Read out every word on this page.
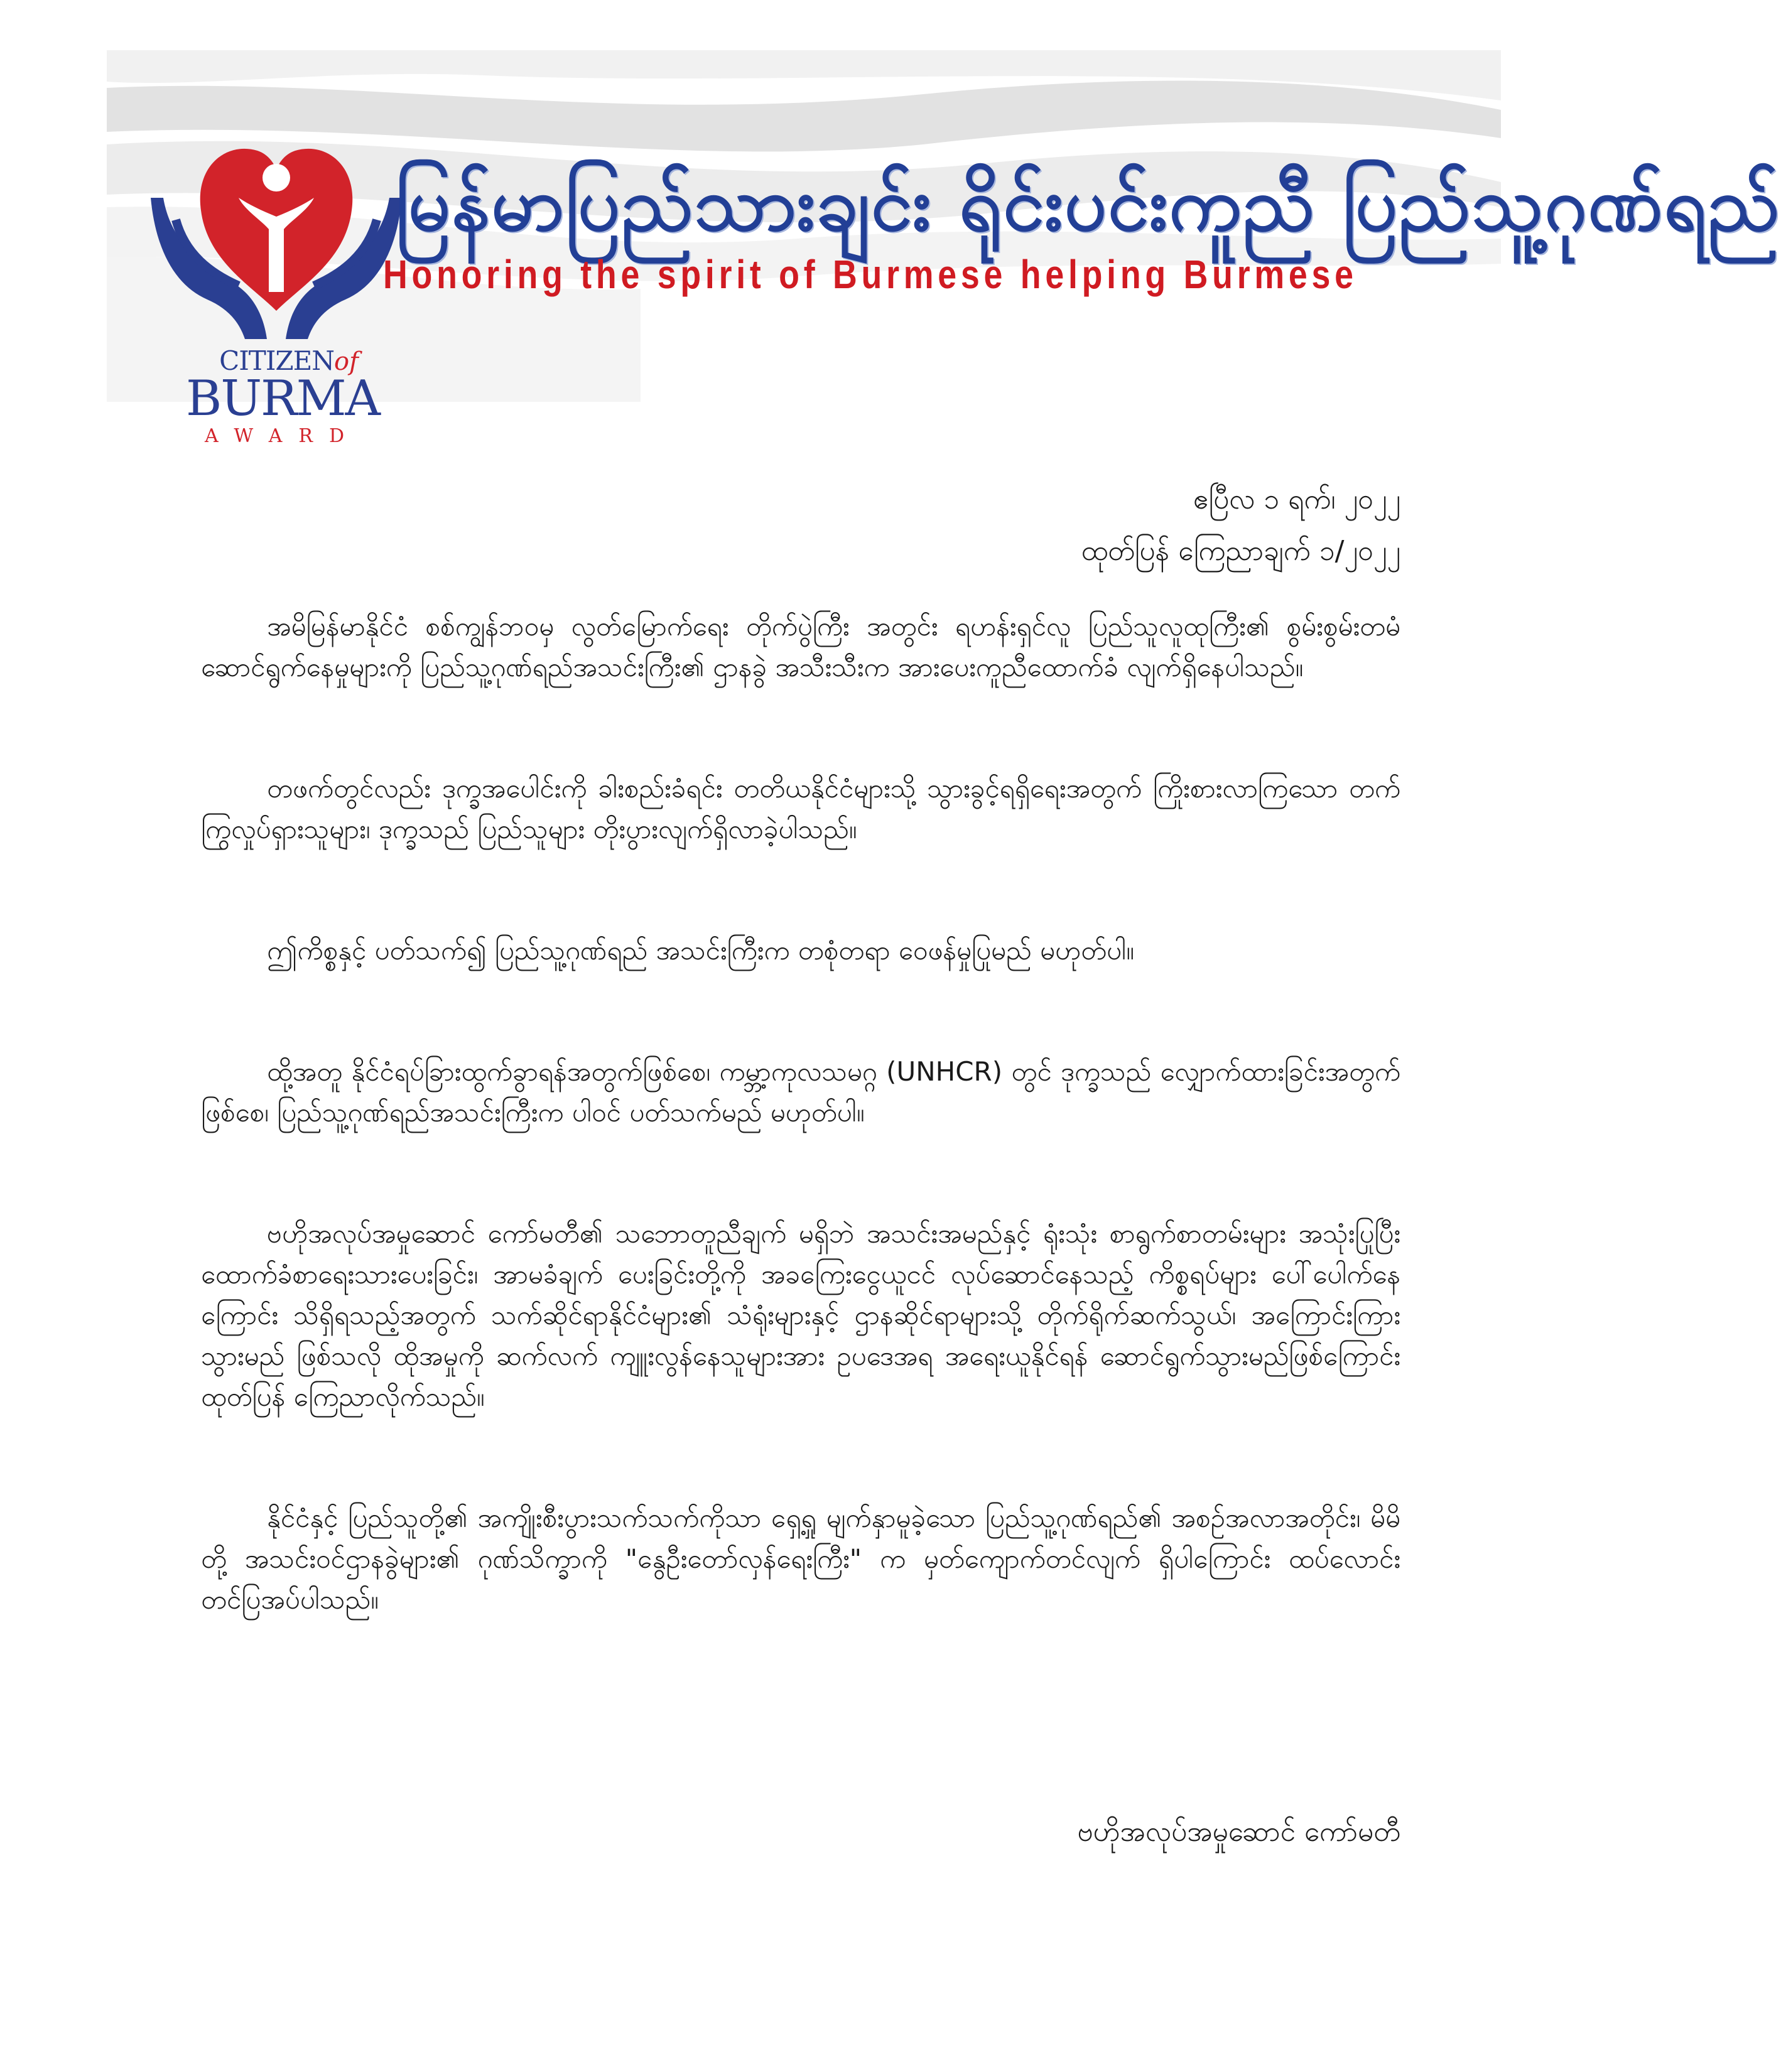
CITIZENof
BURMA
AWARD
မြန်မာပြည်သားချင်း ရိုင်းပင်းကူညီ ပြည်သူ့ဂုဏ်ရည်
Honoring the spirit of Burmese helping Burmese
ဧပြီလ ၁ ရက်၊ ၂၀၂၂
ထုတ်ပြန် ကြေညာချက် ၁/၂၀၂၂

အမိမြန်မာနိုင်ငံ စစ်ကျွန်ဘဝမှ လွတ်မြောက်ရေး တိုက်ပွဲကြီး အတွင်း ရဟန်းရှင်လူ ပြည်သူလူထုကြီး၏ စွမ်းစွမ်းတမံဆောင်ရွက်နေမှုများကို ပြည်သူ့ဂုဏ်ရည်အသင်းကြီး၏ ဌာနခွဲ အသီးသီးက အားပေးကူညီထောက်ခံ လျက်ရှိနေပါသည်။

တဖက်တွင်လည်း ဒုက္ခအပေါင်းကို ခါးစည်းခံရင်း တတိယနိုင်ငံများသို့ သွားခွင့်ရရှိရေးအတွက် ကြိုးစားလာကြသော တက်ကြွလှုပ်ရှားသူများ၊ ဒုက္ခသည် ပြည်သူများ တိုးပွားလျက်ရှိလာခဲ့ပါသည်။

ဤကိစ္စနှင့် ပတ်သက်၍ ပြည်သူ့ဂုဏ်ရည် အသင်းကြီးက တစုံတရာ ဝေဖန်မှုပြုမည် မဟုတ်ပါ။

ထို့အတူ နိုင်ငံရပ်ခြားထွက်ခွာရန်အတွက်ဖြစ်စေ၊ ကမ္ဘာ့ကုလသမဂ္ဂ (UNHCR) တွင် ဒုက္ခသည် လျှောက်ထားခြင်းအတွက်ဖြစ်စေ၊ ပြည်သူ့ဂုဏ်ရည်အသင်းကြီးက ပါဝင် ပတ်သက်မည် မဟုတ်ပါ။

ဗဟိုအလုပ်အမှုဆောင် ကော်မတီ၏ သဘောတူညီချက် မရှိဘဲ အသင်းအမည်နှင့် ရုံးသုံး စာရွက်စာတမ်းများ အသုံးပြုပြီး ထောက်ခံစာရေးသားပေးခြင်း၊ အာမခံချက် ပေးခြင်းတို့ကို အခကြေးငွေယူငင် လုပ်ဆောင်နေသည့် ကိစ္စရပ်များ ပေါ်ပေါက်နေကြောင်း သိရှိရသည့်အတွက် သက်ဆိုင်ရာနိုင်ငံများ၏ သံရုံးများနှင့် ဌာနဆိုင်ရာများသို့ တိုက်ရိုက်ဆက်သွယ်၊ အကြောင်းကြားသွားမည် ဖြစ်သလို ထိုအမှုကို ဆက်လက် ကျူးလွန်နေသူများအား ဥပဒေအရ အရေးယူနိုင်ရန် ဆောင်ရွက်သွားမည်ဖြစ်ကြောင်း ထုတ်ပြန် ကြေညာလိုက်သည်။

နိုင်ငံနှင့် ပြည်သူတို့၏ အကျိုးစီးပွားသက်သက်ကိုသာ ရှေ့ရှု မျက်နှာမူခဲ့သော ပြည်သူ့ဂုဏ်ရည်၏ အစဉ်အလာအတိုင်း၊ မိမိတို့ အသင်းဝင်ဌာနခွဲများ၏ ဂုဏ်သိက္ခာကို "နွေဦးတော်လှန်ရေးကြီး" က မှတ်ကျောက်တင်လျက် ရှိပါကြောင်း ထပ်လောင်း တင်ပြအပ်ပါသည်။

ဗဟိုအလုပ်အမှုဆောင် ကော်မတီ
